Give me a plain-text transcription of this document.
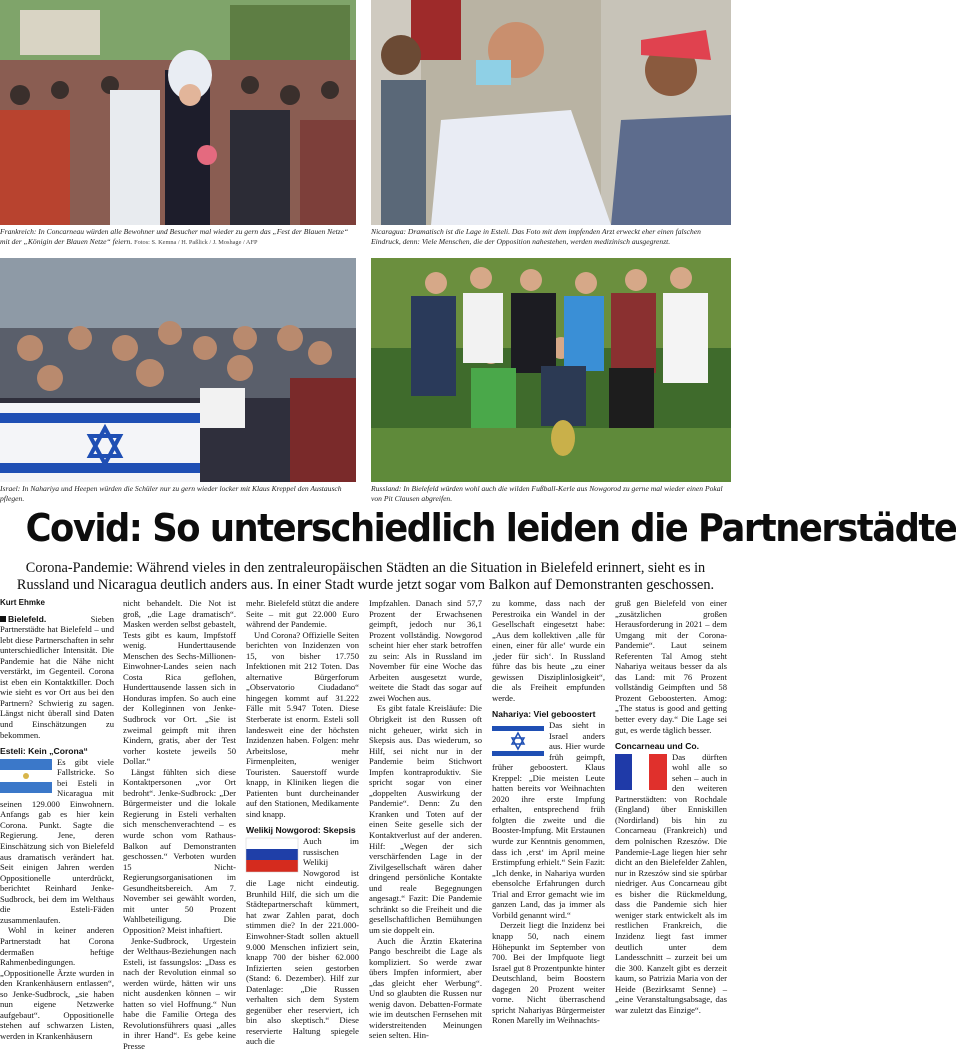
Frankreich: In Concarneau würden alle Bewohner und Besucher mal wieder zu gern das „Fest der Blauen Netze“ mit der „Königin der Blauen Netze“ feiern. Fotos: S. Kemna / H. Paßlick / J. Moshage / AFP
Nicaragua: Dramatisch ist die Lage in Esteli. Das Foto mit dem impfenden Arzt erweckt eher einen falschen Eindruck, denn: Viele Menschen, die der Opposition nahestehen, werden medizinisch ausgegrenzt.
Israel: In Nahariya und Heepen würden die Schüler nur zu gern wieder locker mit Klaus Kreppel den Austausch pflegen.
Russland: In Bielefeld würden wohl auch die wilden Fußball-Kerle aus Nowgorod zu gerne mal wieder einen Pokal von Pit Clausen abgreifen.
Covid: So unterschiedlich leiden die Partnerstädte
Corona-Pandemie: Während vieles in den zentraleuropäischen Städten an die Situation in Bielefeld erinnert, sieht es in Russland und Nicaragua deutlich anders aus. In einer Stadt wurde jetzt sogar vom Balkon auf Demonstranten geschossen.
Kurt Ehmke

Bielefeld.	Sieben Partnerstädte hat Bielefeld – und lebt diese Partnerschaften in sehr unterschiedlicher Intensität. Die Pandemie hat die Nähe nicht verstärkt, im Gegenteil. Corona ist eben ein Kontaktkiller. Doch wie sieht es vor Ort aus bei den Partnern? Schwierig zu sagen. Längst nicht überall sind Daten und Einschätzungen zu bekommen.

Esteli: Kein „Corona“

Es gibt viele Fallstricke. So bei Esteli in Nicaragua mit seinen 129.000 Einwohnern. Anfangs gab es hier kein Corona. Punkt. Sagte die Regierung. Jene, deren Einschätzung sich von Bielefeld aus dramatisch verändert hat. Seit einigen Jahren werden Oppositionelle unterdrückt, berichtet Reinhard Jenke-Sudbrock, bei dem im Welthaus die Esteli-Fäden zusammenlaufen.

Wohl in keiner anderen Partnerstadt hat Corona dermaßen heftige Rahmenbedingungen. „Oppositionelle Ärzte wurden in den Krankenhäusern entlassen“, so Jenke-Sudbrock, „sie haben nun eigene Netzwerke aufgebaut“. Oppositionelle stehen auf schwarzen Listen, werden in Krankenhäusern

nicht behandelt. Die Not ist groß, „die Lage dramatisch“. Masken werden selbst gebastelt, Tests gibt es kaum, Impfstoff wenig. Hunderttausende Menschen des Sechs-Millionen-Einwohner-Landes seien nach Costa Rica geflohen, Hunderttausende lassen sich in Honduras impfen. So auch eine der Kolleginnen von Jenke-Sudbrock vor Ort. „Sie ist zweimal geimpft mit ihren Kindern, gratis, aber der Test vorher kostete jeweils 50 Dollar.“

Längst fühlten sich diese Kontaktpersonen „vor Ort bedroht“. Jenke-Sudbrock: „Der Bürgermeister und die lokale Regierung in Esteli verhalten sich menschenverachtend – es wurde schon vom Rathaus-Balkon auf Demonstranten geschossen.“ Verboten wurden 15 Nicht-Regierungsorganisationen im Gesundheitsbereich. Am 7. November sei gewählt worden, mit unter 50 Prozent Wahlbeteiligung. Die Opposition? Meist inhaftiert.

Jenke-Sudbrock, Urgestein der Welthaus-Beziehungen nach Esteli, ist fassungslos: „Dass es nach der Revolution einmal so werden würde, hätten wir uns nicht ausdenken können – wir hatten so viel Hoffnung.“ Nun habe die Familie Ortega des Revolutionsführers quasi „alles in ihrer Hand“. Es gebe keine Presse

mehr. Bielefeld stützt die andere Seite – mit gut 22.000 Euro während der Pandemie.

Und Corona? Offizielle Seiten berichten von Inzidenzen von 15, von bisher 17.750 Infektionen mit 212 Toten. Das alternative Bürgerforum „Observatorio Ciudadano“ hingegen kommt auf 31.222 Fälle mit 5.947 Toten. Diese Sterberate ist enorm. Esteli soll landesweit eine der höchsten Inzidenzen haben. Folgen: mehr Arbeitslose, mehr Firmenpleiten, weniger Touristen. Sauerstoff wurde knapp, in Kliniken liegen die Patienten bunt durcheinander auf den Stationen, Medikamente sind knapp.

Welikij Nowgorod: Skepsis

Auch im russischen Welikij Nowgorod ist die Lage nicht eindeutig. Brunhild Hilf, die sich um die Städtepartnerschaft kümmert, hat zwar Zahlen parat, doch stimmen die? In der 221.000-Einwohner-Stadt sollen aktuell 9.000 Menschen infiziert sein, knapp 700 der bisher 62.000 Infizierten seien gestorben (Stand: 6. Dezember). Hilf zur Datenlage: „Die Russen verhalten sich dem System gegenüber eher reserviert, ich bin also skeptisch.“ Diese reservierte Haltung spiegele auch die

Impfzahlen. Danach sind 57,7 Prozent der Erwachsenen geimpft, jedoch nur 36,1 Prozent vollständig. Nowgorod scheint hier eher stark betroffen zu sein: Als in Russland im November für eine Woche das Arbeiten ausgesetzt wurde, weitete die Stadt das sogar auf zwei Wochen aus.

Es gibt fatale Kreisläufe: Die Obrigkeit ist den Russen oft nicht geheuer, wirkt sich in Skepsis aus. Das wiederum, so Hilf, sei nicht nur in der Pandemie beim Stichwort Impfen kontraproduktiv. Sie spricht sogar von einer „doppelten Auswirkung der Pandemie“. Denn: Zu den Kranken und Toten auf der einen Seite geselle sich der Kontaktverlust auf der anderen. Hilf: „Wegen der sich verschärfenden Lage in der Zivilgesellschaft wären daher dringend persönliche Kontakte und reale Begegnungen angesagt.“ Fazit: Die Pandemie schränkt so die Freiheit und die gesellschaftlichen Bemühungen um sie doppelt ein.

Auch die Ärztin Ekaterina Pango beschreibt die Lage als kompliziert. So werde zwar übers Impfen informiert, aber „das gleicht eher Werbung“. Und so glaubten die Russen nur wenig davon. Debatten-Formate wie im deutschen Fernsehen mit widerstreitenden Meinungen seien selten. Hin-

zu komme, dass nach der Perestroika ein Wandel in der Gesellschaft eingesetzt habe: „Aus dem kollektiven ‚alle für einen, einer für alle‘ wurde ein ‚jeder für sich‘. In Russland führe das bis heute „zu einer gewissen Disziplinlosigkeit“, die als Freiheit empfunden werde.

Nahariya: Viel geboostert

Das sieht in Israel anders aus. Hier wurde früh geimpft, früher geboostert. Klaus Kreppel: „Die meisten Leute hatten bereits vor Weihnachten 2020 ihre erste Impfung erhalten, entsprechend früh folgten die zweite und die Booster-Impfung. Mit Erstaunen wurde zur Kenntnis genommen, dass ich ‚erst‘ im April meine Erstimpfung erhielt.“ Sein Fazit: „Ich denke, in Nahariya wurden ebensolche Erfahrungen durch Trial and Error gemacht wie im ganzen Land, das ja immer als Vorbild genannt wird.“

Derzeit liegt die Inzidenz bei knapp 50, nach einem Höhepunkt im September von 700. Bei der Impfquote liegt Israel gut 8 Prozentpunkte hinter Deutschland, beim Boostern dagegen 20 Prozent weiter vorne. Nicht überraschend spricht Nahariyas Bürgermeister Ronen Marelly im Weihnachts-

gruß gen Bielefeld von einer „zusätzlichen großen Herausforderung in 2021 – dem Umgang mit der Corona-Pandemie“. Laut seinem Referenten Tal Amog steht Nahariya weitaus besser da als das Land: mit 76 Prozent vollständig Geimpften und 58 Prozent Geboosterten. Amog: „The status is good and getting better every day.“ Die Lage sei gut, es werde täglich besser.

Concarneau und Co.

Das dürften wohl alle so sehen – auch in den weiteren Partnerstädten: von Rochdale (England) über Enniskillen (Nordirland) bis hin zu Concarneau (Frankreich) und dem polnischen Rzeszów. Die Pandemie-Lage liegen hier sehr dicht an den Bielefelder Zahlen, nur in Rzeszów sind sie spürbar niedriger. Aus Concarneau gibt es bisher die Rückmeldung, dass die Pandemie sich hier weniger stark entwickelt als im restlichen Frankreich, die Inzidenz liegt fast immer deutlich unter dem Landesschnitt – zurzeit bei um die 300. Kanzelt gibt es derzeit kaum, so Patrizia Maria von der Heide (Bezirksamt Senne) – „eine Veranstaltungsabsage, das war zuletzt das Einzige“.
